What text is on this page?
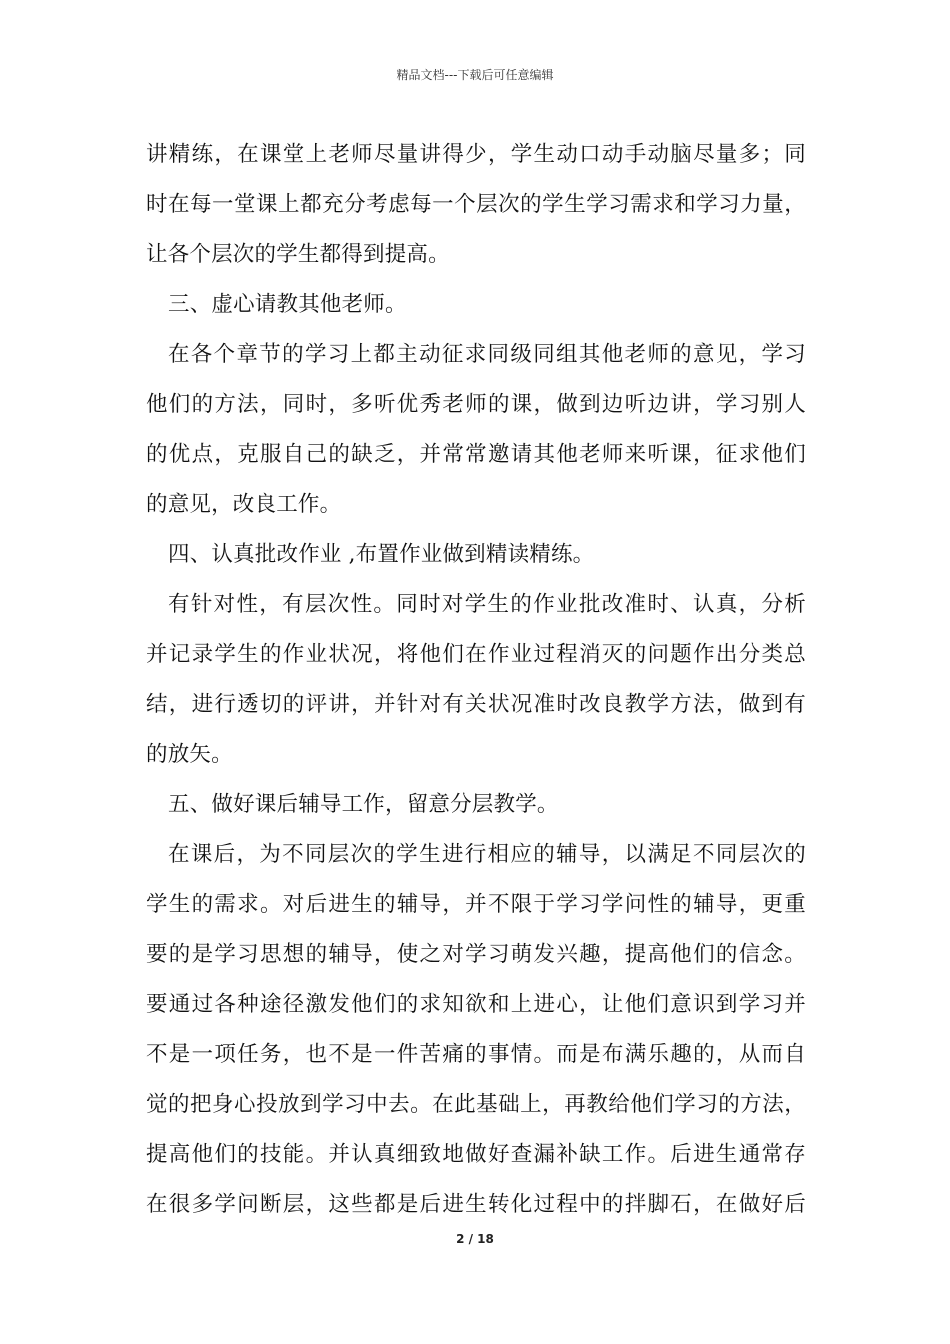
精品文档---下载后可任意编辑
讲精练，在课堂上老师尽量讲得少，学生动口动手动脑尽量多；同
时在每一堂课上都充分考虑每一个层次的学生学习需求和学习力量，
让各个层次的学生都得到提高。
三、虚心请教其他老师。
在各个章节的学习上都主动征求同级同组其他老师的意见，学习
他们的方法，同时，多听优秀老师的课，做到边听边讲，学习别人
的优点，克服自己的缺乏，并常常邀请其他老师来听课，征求他们
的意见，改良工作。
四、认真批改作业 ,布置作业做到精读精练。
有针对性，有层次性。同时对学生的作业批改准时、认真，分析
并记录学生的作业状况，将他们在作业过程消灭的问题作出分类总
结，进行透切的评讲，并针对有关状况准时改良教学方法，做到有
的放矢。
五、做好课后辅导工作，留意分层教学。
在课后，为不同层次的学生进行相应的辅导，以满足不同层次的
学生的需求。对后进生的辅导，并不限于学习学问性的辅导，更重
要的是学习思想的辅导，使之对学习萌发兴趣，提高他们的信念。
要通过各种途径激发他们的求知欲和上进心，让他们意识到学习并
不是一项任务，也不是一件苦痛的事情。而是布满乐趣的，从而自
觉的把身心投放到学习中去。在此基础上，再教给他们学习的方法，
提高他们的技能。并认真细致地做好查漏补缺工作。后进生通常存
在很多学问断层，这些都是后进生转化过程中的拌脚石，在做好后
2 / 18
